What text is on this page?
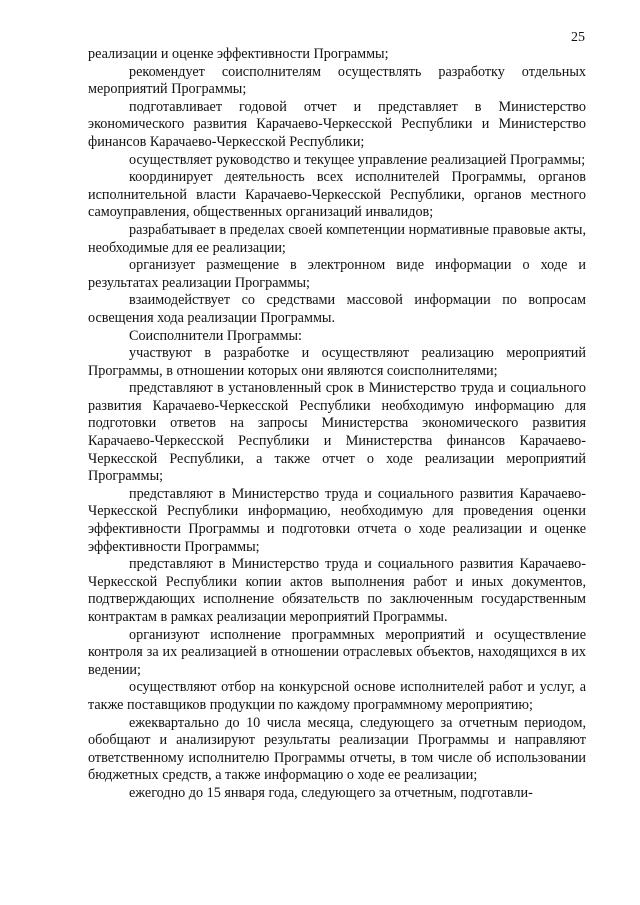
25

реализации и оценке эффективности Программы;

рекомендует соисполнителям осуществлять разработку отдельных мероприятий Программы;

подготавливает годовой отчет и представляет в Министерство экономического развития Карачаево-Черкесской Республики и Министерство финансов Карачаево-Черкесской Республики;

осуществляет руководство и текущее управление реализацией Программы;

координирует деятельность всех исполнителей Программы, органов исполнительной власти Карачаево-Черкесской Республики, органов местного самоуправления, общественных организаций инвалидов;

разрабатывает в пределах своей компетенции нормативные правовые акты, необходимые для ее реализации;

организует размещение в электронном виде информации о ходе и результатах реализации Программы;

взаимодействует со средствами массовой информации по вопросам освещения хода реализации Программы.

Соисполнители Программы:

участвуют в разработке и осуществляют реализацию мероприятий Программы, в отношении которых они являются соисполнителями;

представляют в установленный срок в Министерство труда и социального развития Карачаево-Черкесской Республики необходимую информацию для подготовки ответов на запросы Министерства экономического развития Карачаево-Черкесской Республики и Министерства финансов Карачаево-Черкесской Республики, а также отчет о ходе реализации мероприятий Программы;

представляют в Министерство труда и социального развития Карачаево-Черкесской Республики информацию, необходимую для проведения оценки эффективности Программы и подготовки отчета о ходе реализации и оценке эффективности Программы;

представляют в Министерство труда и социального развития Карачаево-Черкесской Республики копии актов выполнения работ и иных документов, подтверждающих исполнение обязательств по заключенным государственным контрактам в рамках реализации мероприятий Программы.

организуют исполнение программных мероприятий и осуществление контроля за их реализацией в отношении отраслевых объектов, находящихся в их ведении;

осуществляют отбор на конкурсной основе исполнителей работ и услуг, а также поставщиков продукции по каждому программному мероприятию;

ежеквартально до 10 числа месяца, следующего за отчетным периодом, обобщают и анализируют результаты реализации Программы и направляют ответственному исполнителю Программы отчеты, в том числе об использовании бюджетных средств, а также информацию о ходе ее реализации;

ежегодно до 15 января года, следующего за отчетным, подготавли-
